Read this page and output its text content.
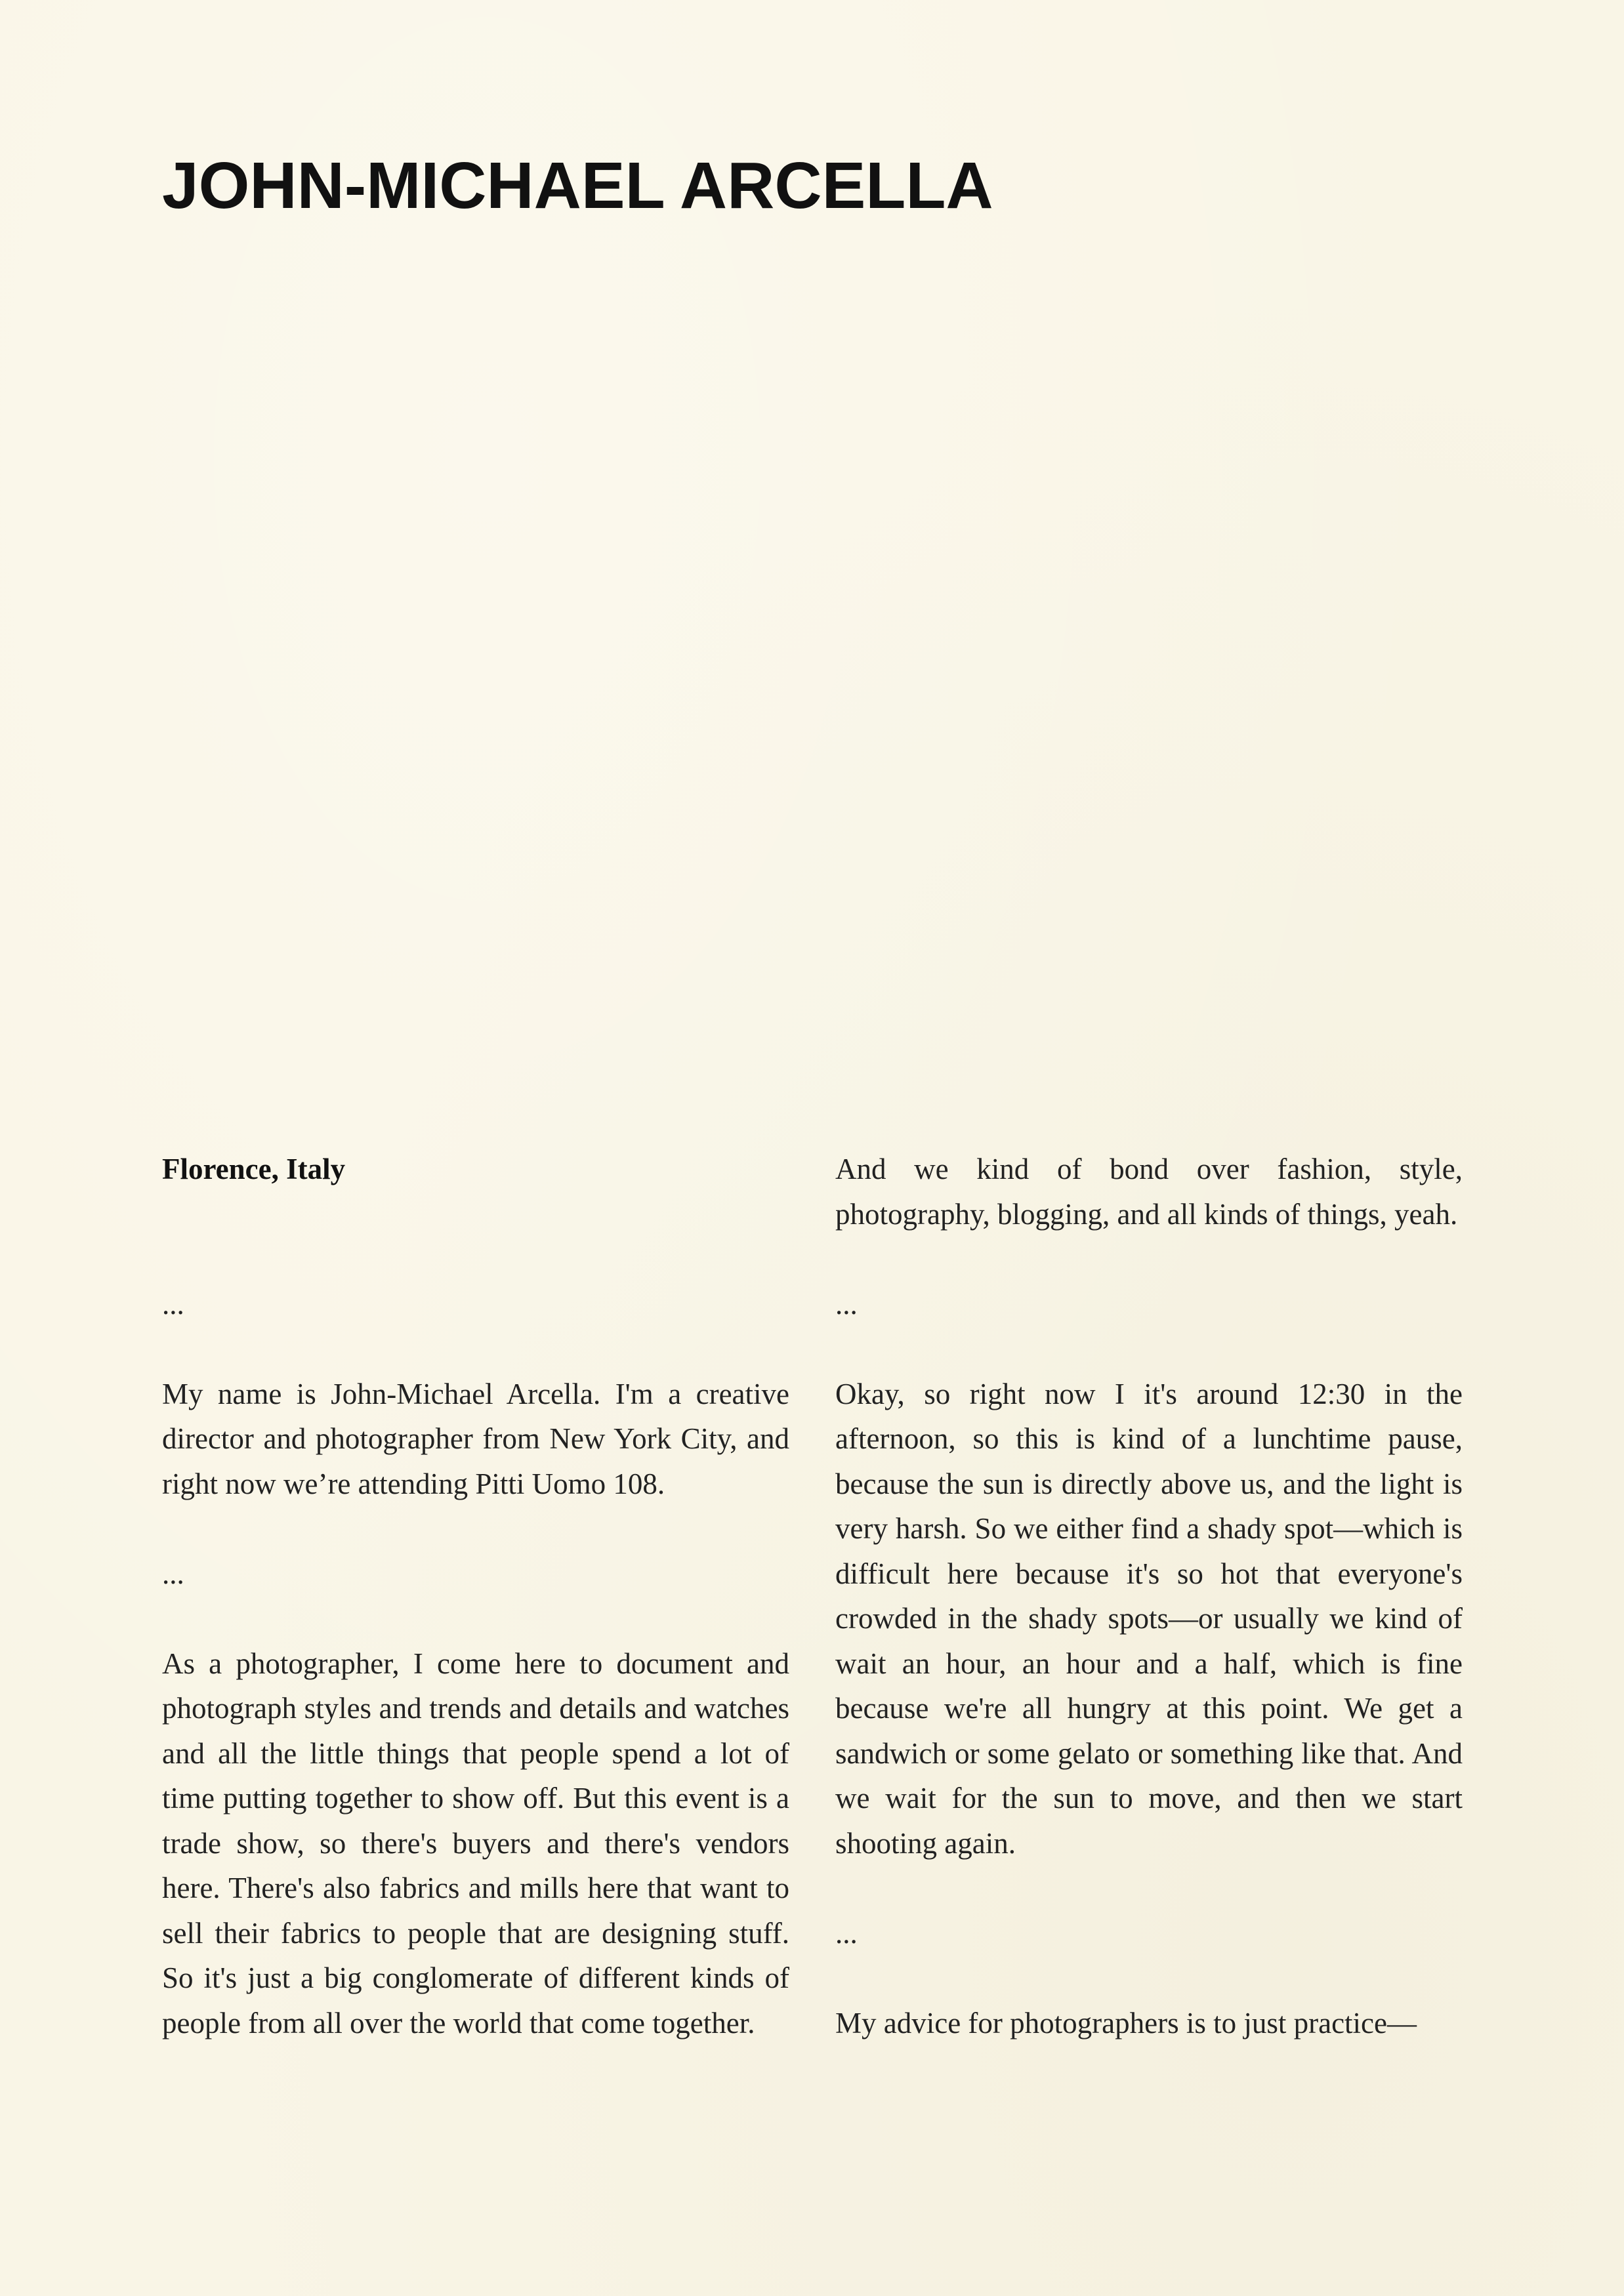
JOHN-MICHAEL ARCELLA

Florence, Italy

...

My name is John-Michael Arcella. I'm a creative director and photographer from New York City, and right now we’re attending Pitti Uomo 108.

...

As a photographer, I come here to document and photograph styles and trends and details and watches and all the little things that people spend a lot of time putting together to show off. But this event is a trade show, so there's buyers and there's vendors here. There's also fabrics and mills here that want to sell their fabrics to people that are designing stuff. So it's just a big conglomerate of different kinds of people from all over the world that come together.

And we kind of bond over fashion, style, photography, blogging, and all kinds of things, yeah.

...

Okay, so right now I it's around 12:30 in the afternoon, so this is kind of a lunchtime pause, because the sun is directly above us, and the light is very harsh. So we either find a shady spot—which is difficult here because it's so hot that everyone's crowded in the shady spots—or usually we kind of wait an hour, an hour and a half, which is fine because we're all hungry at this point. We get a sandwich or some gelato or something like that. And we wait for the sun to move, and then we start shooting again.

...

My advice for photographers is to just practice—
